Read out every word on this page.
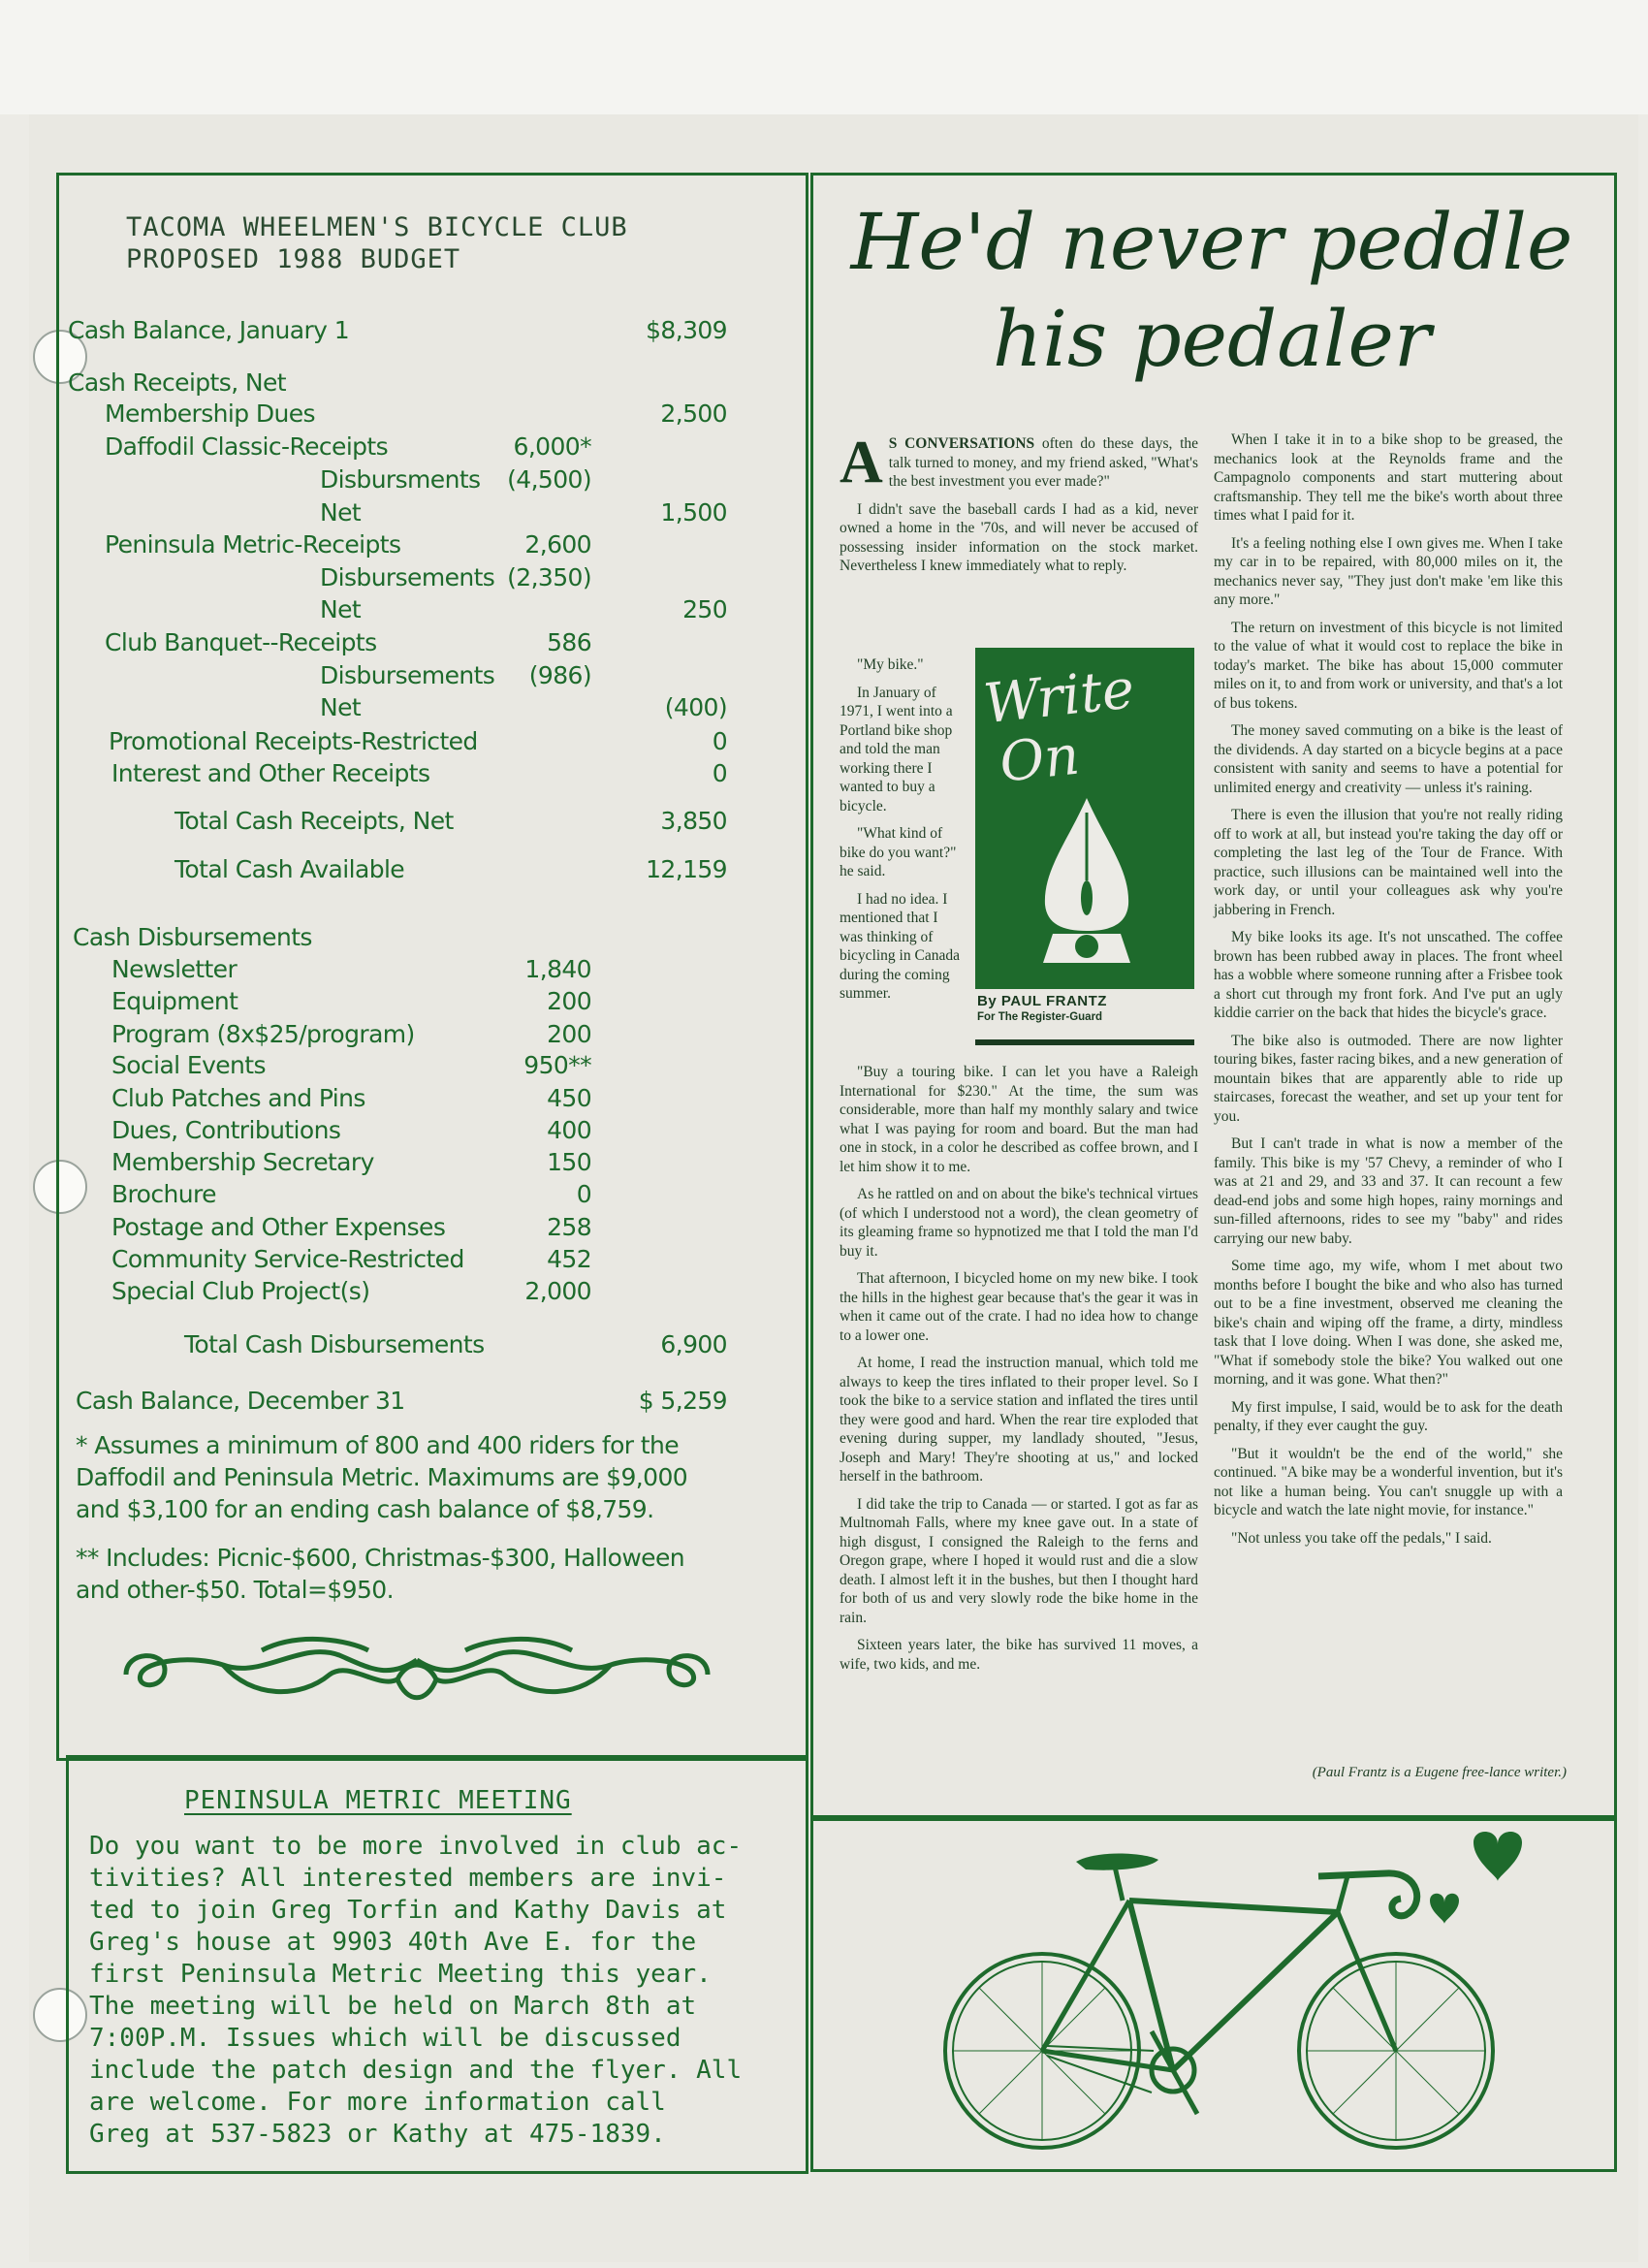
TACOMA WHEELMEN'S BICYCLE CLUB
PROPOSED 1988 BUDGET
Cash Balance, January 1	$8,309
Cash Receipts, Net
Membership Dues	2,500
Daffodil Classic-Receipts	6,000*
Disbursments (4,500)
Net	1,500
Peninsula Metric-Receipts	2,600
Disbursements (2,350)
Net	250
Club Banquet--Receipts	586
Disbursements (986)
Net	(400)
Promotional Receipts-Restricted	0
Interest and Other Receipts	0
Total Cash Receipts, Net	3,850
Total Cash Available	12,159
Cash Disbursements
Newsletter	1,840
Equipment	200
Program (8x$25/program)	200
Social Events	950**
Club Patches and Pins	450
Dues, Contributions	400
Membership Secretary	150
Brochure	0
Postage and Other Expenses	258
Community Service-Restricted	452
Special Club Project(s)	2,000
Total Cash Disbursements	6,900
Cash Balance, December 31	$ 5,259
* Assumes a minimum of 800 and 400 riders for the
Daffodil and Peninsula Metric. Maximums are $9,000
and $3,100 for an ending cash balance of $8,759.
** Includes: Picnic-$600, Christmas-$300, Halloween
and other-$50. Total=$950.
PENINSULA METRIC MEETING
Do you want to be more involved in club ac-
tivities? All interested members are invi-
ted to join Greg Torfin and Kathy Davis at
Greg's house at 9903 40th Ave E. for the
first Peninsula Metric Meeting this year.
The meeting will be held on March 8th at
7:00P.M. Issues which will be discussed
include the patch design and the flyer. All
are welcome. For more information call
Greg at 537-5823 or Kathy at 475-1839.
He'd never peddle
his pedaler

A S CONVERSATIONS often do these days, the talk turned to money, and my friend asked, "What's the best investment you ever made?"

I didn't save the baseball cards I had as a kid, never owned a home in the '70s, and will never be accused of possessing insider information on the stock market. Nevertheless I knew immediately what to reply.

"My bike."

In January of 1971, I went into a Portland bike shop and told the man working there I wanted to buy a bicycle.

"What kind of bike do you want?" he said.

I had no idea. I mentioned that I was thinking of bicycling in Canada during the coming summer.

Write
On
By PAUL FRANTZ
For The Register-Guard

"Buy a touring bike. I can let you have a Raleigh International for $230." At the time, the sum was considerable, more than half my monthly salary and twice what I was paying for room and board. But the man had one in stock, in a color he described as coffee brown, and I let him show it to me.

As he rattled on and on about the bike's technical virtues (of which I understood not a word), the clean geometry of its gleaming frame so hypnotized me that I told the man I'd buy it.

That afternoon, I bicycled home on my new bike. I took the hills in the highest gear because that's the gear it was in when it came out of the crate. I had no idea how to change to a lower one.

At home, I read the instruction manual, which told me always to keep the tires inflated to their proper level. So I took the bike to a service station and inflated the tires until they were good and hard. When the rear tire exploded that evening during supper, my landlady shouted, "Jesus, Joseph and Mary! They're shooting at us," and locked herself in the bathroom.

I did take the trip to Canada — or started. I got as far as Multnomah Falls, where my knee gave out. In a state of high disgust, I consigned the Raleigh to the ferns and Oregon grape, where I hoped it would rust and die a slow death. I almost left it in the bushes, but then I thought hard for both of us and very slowly rode the bike home in the rain.

Sixteen years later, the bike has survived 11 moves, a wife, two kids, and me.

When I take it in to a bike shop to be greased, the mechanics look at the Reynolds frame and the Campagnolo components and start muttering about craftsmanship. They tell me the bike's worth about three times what I paid for it.

It's a feeling nothing else I own gives me. When I take my car in to be repaired, with 80,000 miles on it, the mechanics never say, "They just don't make 'em like this any more."

The return on investment of this bicycle is not limited to the value of what it would cost to replace the bike in today's market. The bike has about 15,000 commuter miles on it, to and from work or university, and that's a lot of bus tokens.

The money saved commuting on a bike is the least of the dividends. A day started on a bicycle begins at a pace consistent with sanity and seems to have a potential for unlimited energy and creativity — unless it's raining.

There is even the illusion that you're not really riding off to work at all, but instead you're taking the day off or completing the last leg of the Tour de France. With practice, such illusions can be maintained well into the work day, or until your colleagues ask why you're jabbering in French.

My bike looks its age. It's not unscathed. The coffee brown has been rubbed away in places. The front wheel has a wobble where someone running after a Frisbee took a short cut through my front fork. And I've put an ugly kiddie carrier on the back that hides the bicycle's grace.

The bike also is outmoded. There are now lighter touring bikes, faster racing bikes, and a new generation of mountain bikes that are apparently able to ride up staircases, forecast the weather, and set up your tent for you.

But I can't trade in what is now a member of the family. This bike is my '57 Chevy, a reminder of who I was at 21 and 29, and 33 and 37. It can recount a few dead-end jobs and some high hopes, rainy mornings and sun-filled afternoons, rides to see my "baby" and rides carrying our new baby.

Some time ago, my wife, whom I met about two months before I bought the bike and who also has turned out to be a fine investment, observed me cleaning the bike's chain and wiping off the frame, a dirty, mindless task that I love doing. When I was done, she asked me, "What if somebody stole the bike? You walked out one morning, and it was gone. What then?"

My first impulse, I said, would be to ask for the death penalty, if they ever caught the guy.

"But it wouldn't be the end of the world," she continued. "A bike may be a wonderful invention, but it's not like a human being. You can't snuggle up with a bicycle and watch the late night movie, for instance."

"Not unless you take off the pedals," I said.

(Paul Frantz is a Eugene free-lance writer.)
